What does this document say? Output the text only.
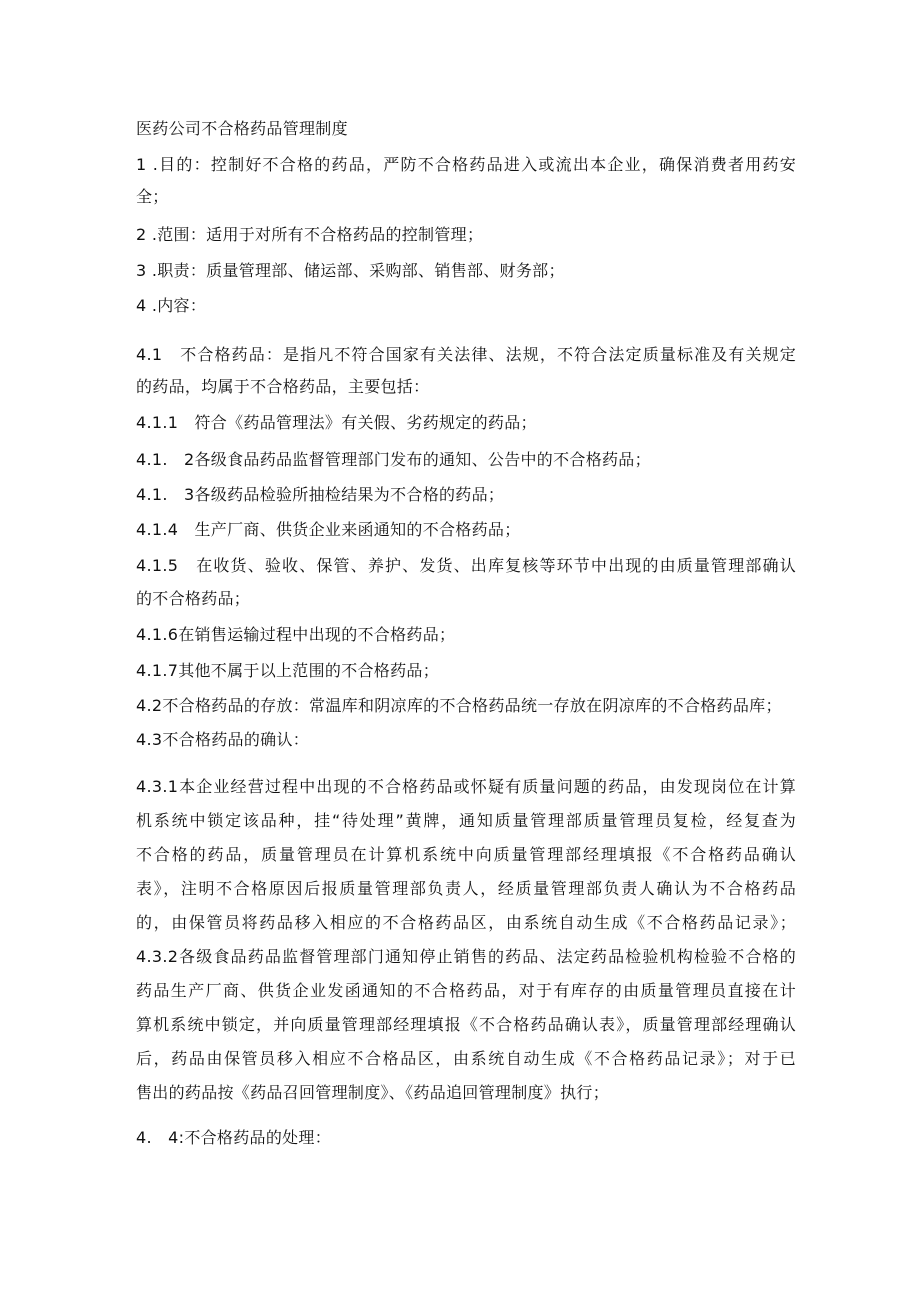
医药公司不合格药品管理制度
1 .目的：控制好不合格的药品，严防不合格药品进入或流出本企业，确保消费者用药安
全；
2 .范围：适用于对所有不合格药品的控制管理；
3 .职责：质量管理部、储运部、采购部、销售部、财务部；
4 .内容：
4.1　不合格药品：是指凡不符合国家有关法律、法规，不符合法定质量标准及有关规定
的药品，均属于不合格药品，主要包括：
4.1.1　符合《药品管理法》有关假、劣药规定的药品；
4.1.　2各级食品药品监督管理部门发布的通知、公告中的不合格药品；
4.1.　3各级药品检验所抽检结果为不合格的药品；
4.1.4　生产厂商、供货企业来函通知的不合格药品；
4.1.5　在收货、验收、保管、养护、发货、出库复核等环节中出现的由质量管理部确认
的不合格药品；
4.1.6在销售运输过程中出现的不合格药品；
4.1.7其他不属于以上范围的不合格药品；
4.2不合格药品的存放：常温库和阴凉库的不合格药品统一存放在阴凉库的不合格药品库；
4.3不合格药品的确认：
4.3.1本企业经营过程中出现的不合格药品或怀疑有质量问题的药品，由发现岗位在计算
机系统中锁定该品种，挂“待处理”黄牌，通知质量管理部质量管理员复检，经复查为
不合格的药品，质量管理员在计算机系统中向质量管理部经理填报《不合格药品确认
表》，注明不合格原因后报质量管理部负责人，经质量管理部负责人确认为不合格药品
的，由保管员将药品移入相应的不合格药品区，由系统自动生成《不合格药品记录》；
4.3.2各级食品药品监督管理部门通知停止销售的药品、法定药品检验机构检验不合格的
药品生产厂商、供货企业发函通知的不合格药品，对于有库存的由质量管理员直接在计
算机系统中锁定，并向质量管理部经理填报《不合格药品确认表》，质量管理部经理确认
后，药品由保管员移入相应不合格品区，由系统自动生成《不合格药品记录》；对于已
售出的药品按《药品召回管理制度》、《药品追回管理制度》执行；
4.　4:不合格药品的处理：
